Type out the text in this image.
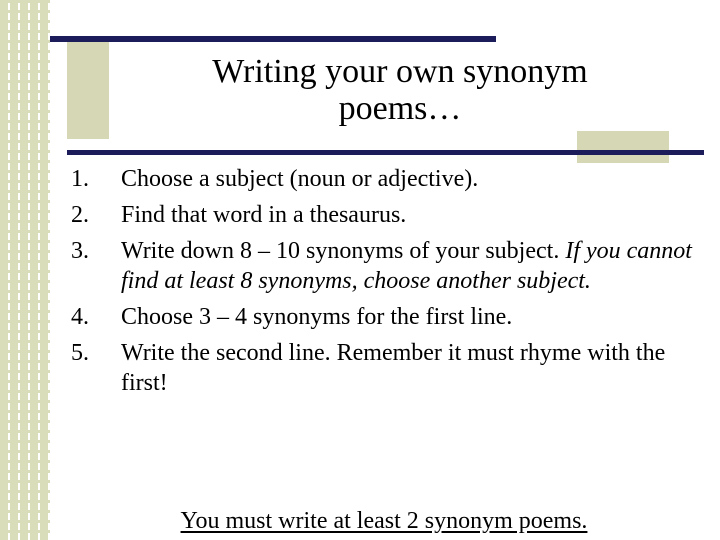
Writing your own synonym
poems…
1.	Choose a subject (noun or adjective).
2.	Find that word in a thesaurus.
3.	Write down 8 – 10 synonyms of your subject. If you cannot find at least 8 synonyms, choose another subject.
4.	Choose 3 – 4 synonyms for the first line.
5.	Write the second line. Remember it must rhyme with the first!
You must write at least 2 synonym poems.
